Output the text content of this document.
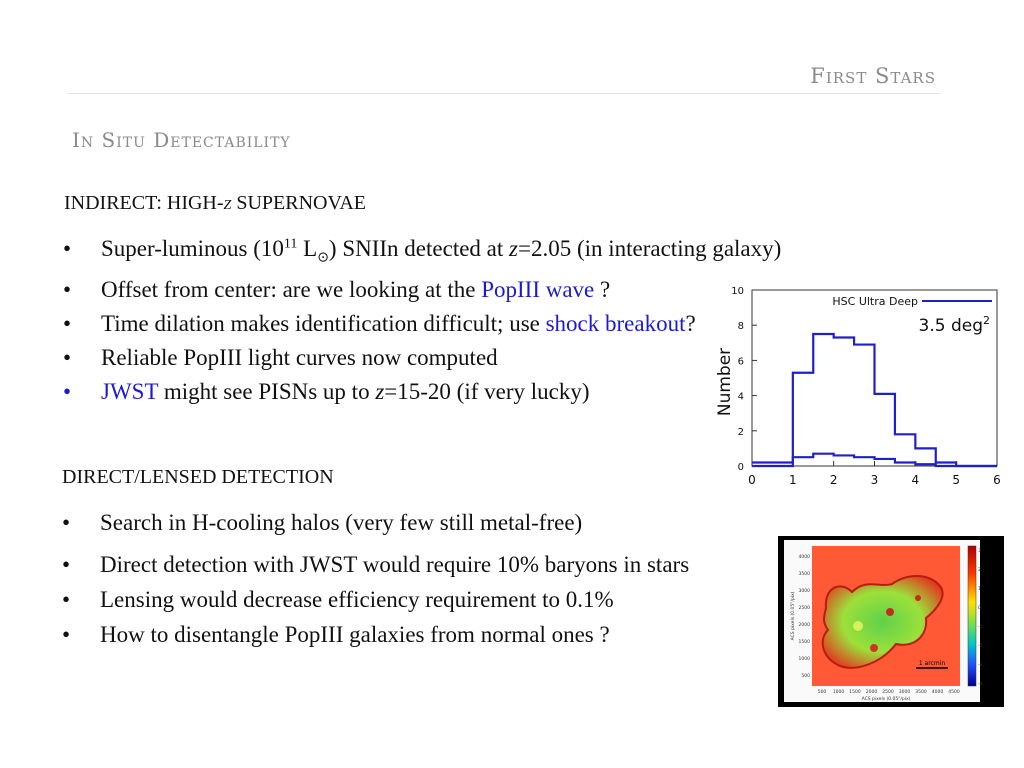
First Stars
In Situ Detectability
INDIRECT: HIGH-z SUPERNOVAE
• Super-luminous ($10^{11}$ $L_⊙$) SNIIn detected at z=2.05 (in interacting galaxy)
• Offset from center: are we looking at the PopIII wave ?
• Time dilation makes identification difficult; use shock breakout?
• Reliable PopIII light curves now computed
• JWST might see PISNs up to z=15-20 (if very lucky)
DIRECT/LENSED DETECTION
• Search in H-cooling halos (very few still metal-free)
• Direct detection with JWST would require 10% baryons in stars
• Lensing would decrease efficiency requirement to 0.1%
• How to disentangle PopIII galaxies from normal ones ?
0	1	2	3	4	5	6
0
2
4
6
8
10
Number
HSC Ultra Deep
3.5 deg$^2$
1 arcmin
500 1000 1500 2000 2500 3000 3500 4000 4500
4000
3500
3000
2500
2000
1500
1000
500
ACS pixels (0.05"/pix)
ACS pixels (0.05"/pix)
3
2
1
0
-1
-2
-3
-4
